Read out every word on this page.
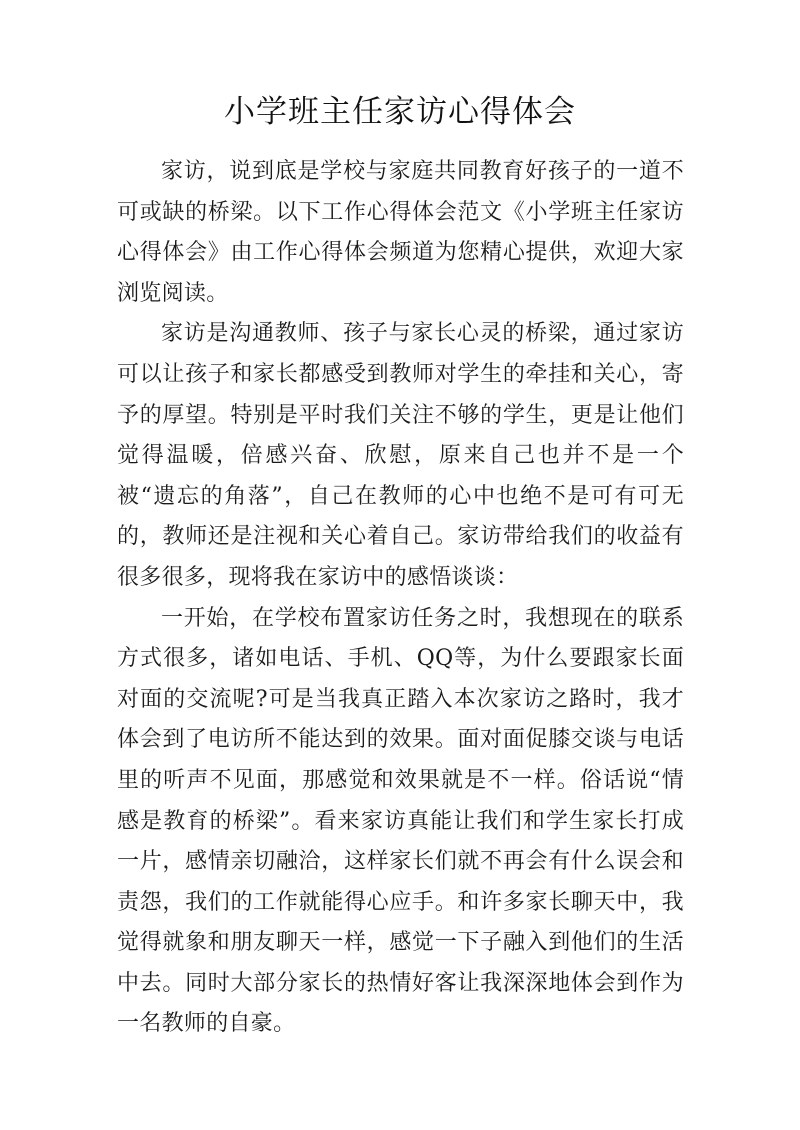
小学班主任家访心得体会

家访，说到底是学校与家庭共同教育好孩子的一道不可或缺的桥梁。以下工作心得体会范文《小学班主任家访心得体会》由工作心得体会频道为您精心提供，欢迎大家浏览阅读。

家访是沟通教师、孩子与家长心灵的桥梁，通过家访可以让孩子和家长都感受到教师对学生的牵挂和关心，寄予的厚望。特别是平时我们关注不够的学生，更是让他们觉得温暖，倍感兴奋、欣慰，原来自己也并不是一个被“遗忘的角落”，自己在教师的心中也绝不是可有可无的，教师还是注视和关心着自己。家访带给我们的收益有很多很多，现将我在家访中的感悟谈谈：

一开始，在学校布置家访任务之时，我想现在的联系方式很多，诸如电话、手机、QQ等，为什么要跟家长面对面的交流呢?可是当我真正踏入本次家访之路时，我才体会到了电访所不能达到的效果。面对面促膝交谈与电话里的听声不见面，那感觉和效果就是不一样。俗话说“情感是教育的桥梁”。看来家访真能让我们和学生家长打成一片，感情亲切融洽，这样家长们就不再会有什么误会和责怨，我们的工作就能得心应手。和许多家长聊天中，我觉得就象和朋友聊天一样，感觉一下子融入到他们的生活中去。同时大部分家长的热情好客让我深深地体会到作为一名教师的自豪。
